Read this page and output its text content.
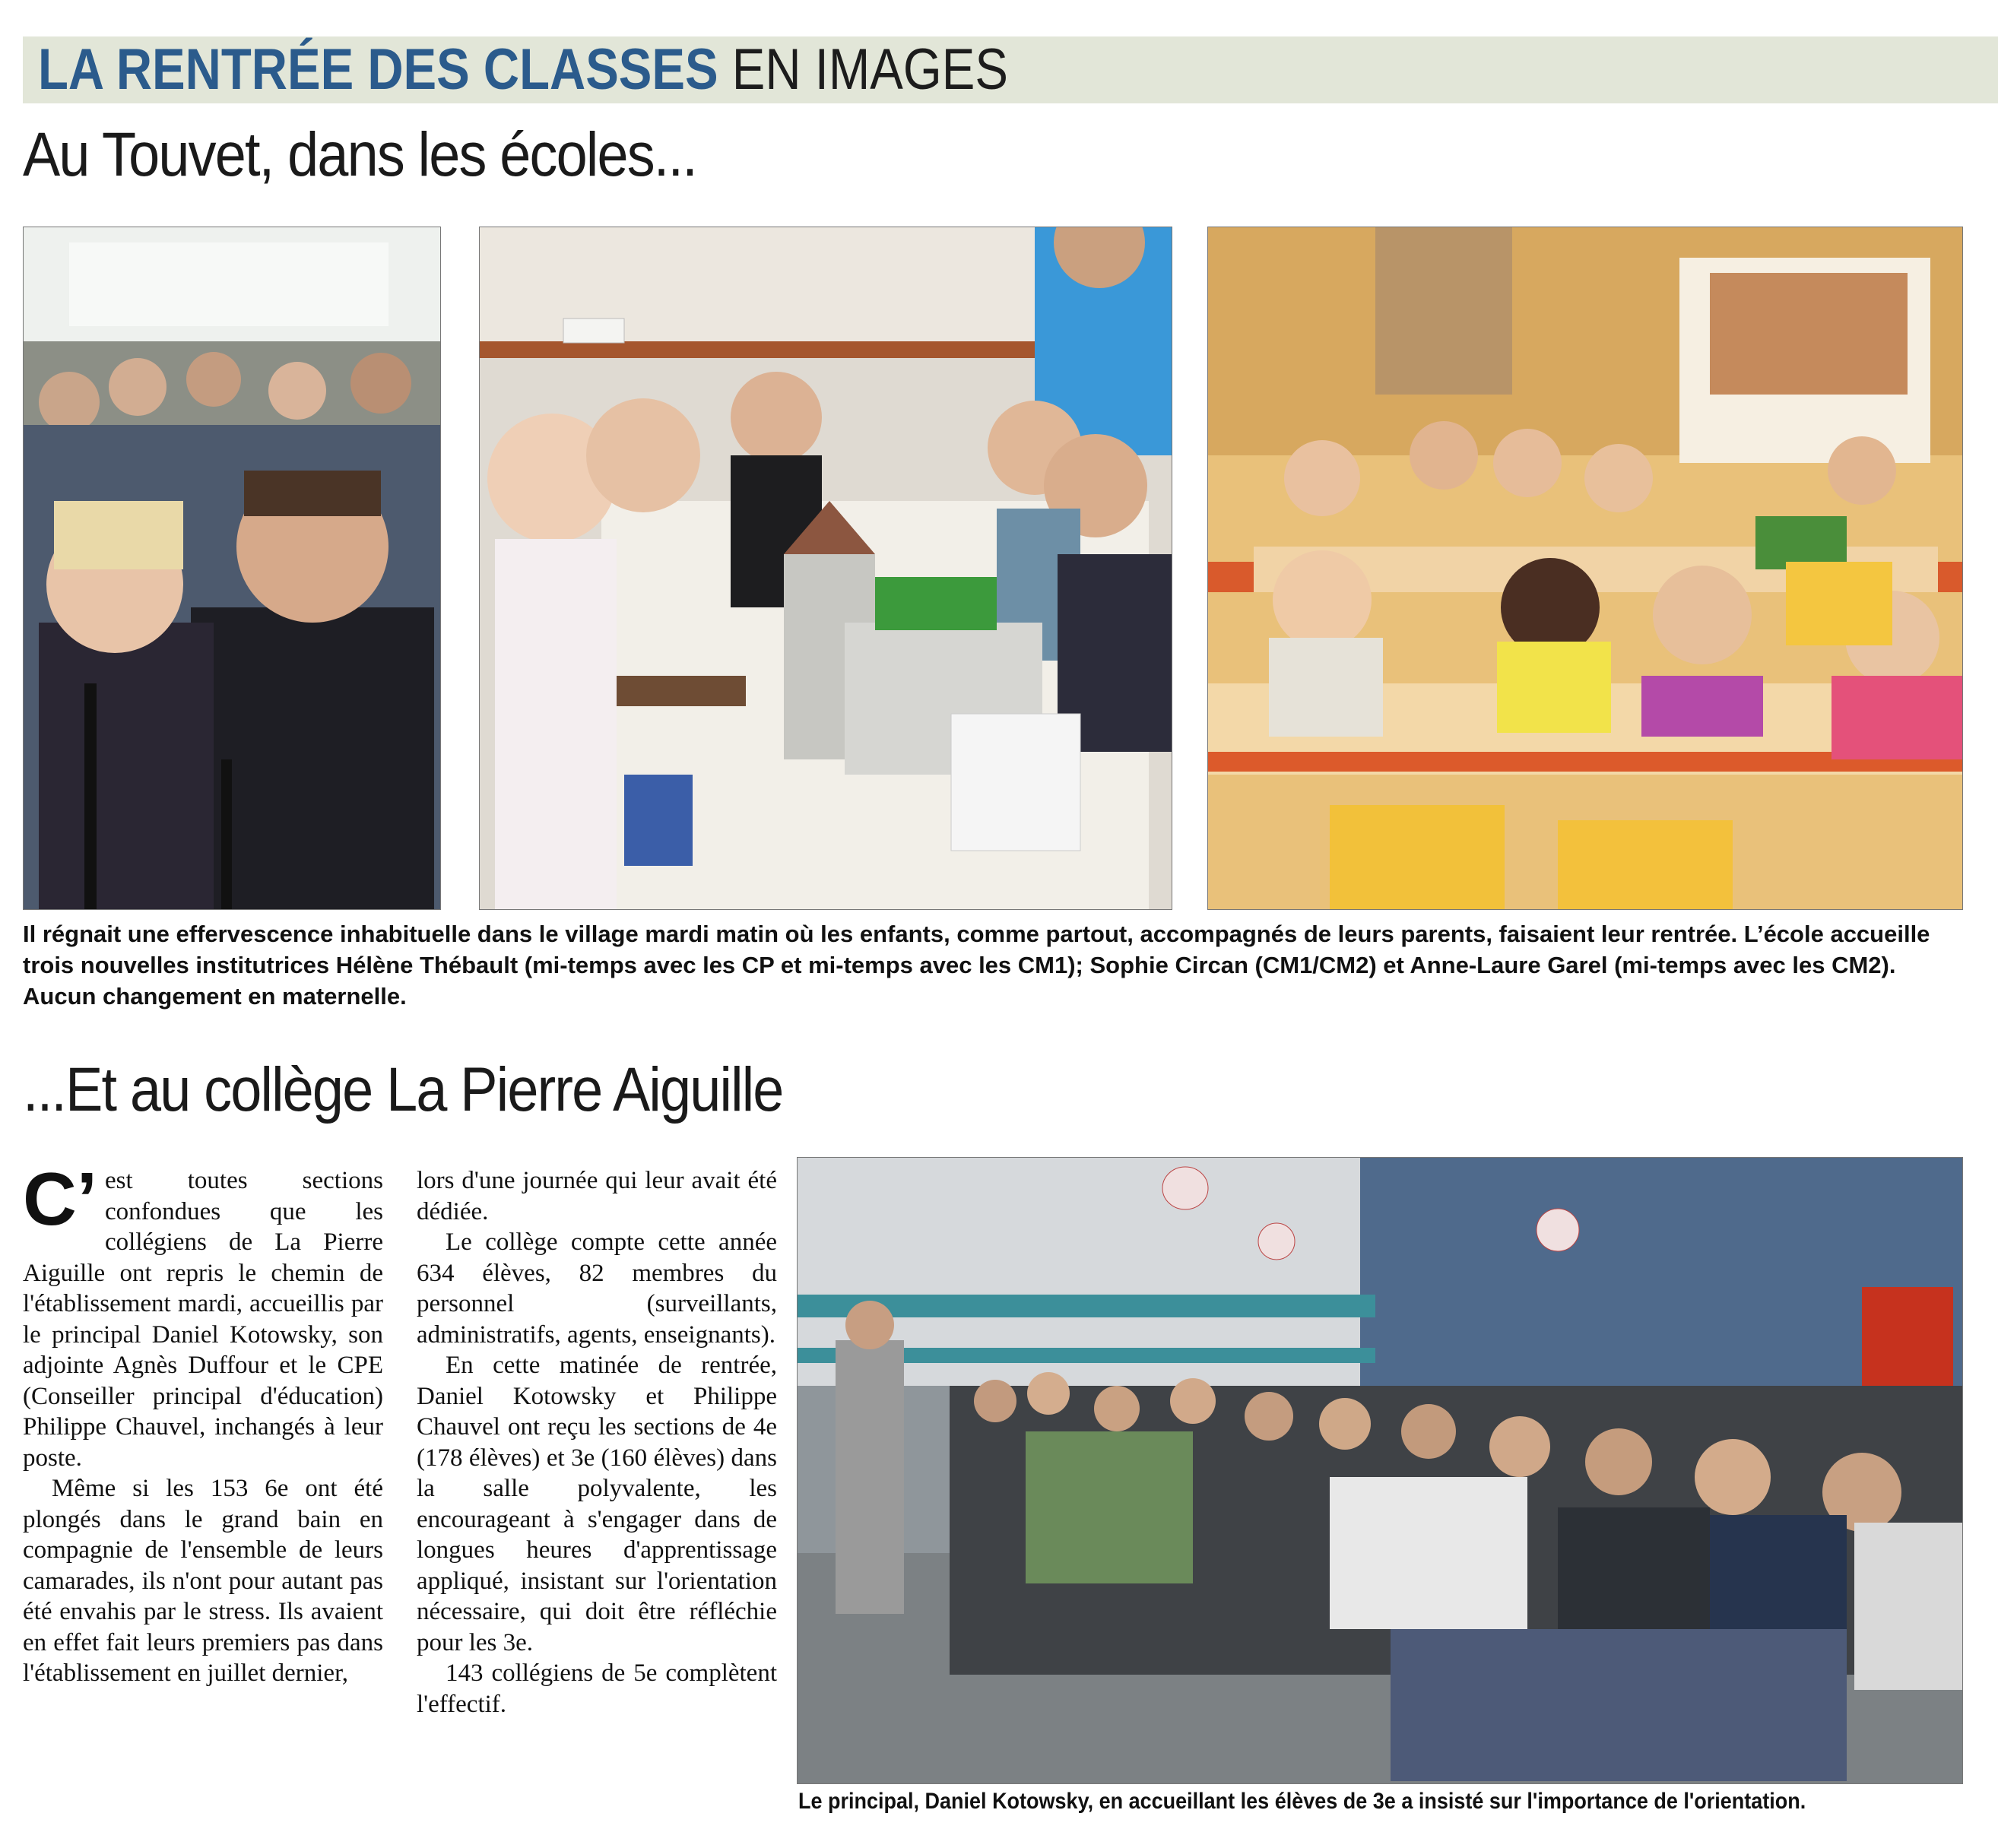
LA RENTRÉE DES CLASSES EN IMAGES
Au Touvet, dans les écoles...
Il régnait une effervescence inhabituelle dans le village mardi matin où les enfants, comme partout, accompagnés de leurs parents, faisaient leur rentrée. L’école accueille trois nouvelles institutrices Hélène Thébault (mi-temps avec les CP et mi-temps avec les CM1); Sophie Circan (CM1/CM2) et Anne-Laure Garel (mi-temps avec les CM2). Aucun changement en maternelle.
...Et au collège La Pierre Aiguille

C’ est toutes sections confondues que les collégiens de La Pierre Aiguille ont repris le chemin de l'établissement mardi, accueillis par le principal Daniel Kotowsky, son adjointe Agnès Duffour et le CPE (Conseiller principal d'éducation) Philippe Chauvel, inchangés à leur poste.

Même si les 153 6e ont été plongés dans le grand bain en compagnie de l'ensemble de leurs camarades, ils n'ont pour autant pas été envahis par le stress. Ils avaient en effet fait leurs premiers pas dans l'établissement en juillet dernier,

lors d'une journée qui leur avait été dédiée.

Le collège compte cette année 634 élèves, 82 membres du personnel (surveillants, administratifs, agents, enseignants).

En cette matinée de rentrée, Daniel Kotowsky et Philippe Chauvel ont reçu les sections de 4e (178 élèves) et 3e (160 élèves) dans la salle polyvalente, les encourageant à s'engager dans de longues heures d'apprentissage appliqué, insistant sur l'orientation nécessaire, qui doit être réfléchie pour les 3e.

143 collégiens de 5e complètent l'effectif.

Le principal, Daniel Kotowsky, en accueillant les élèves de 3e a insisté sur l'importance de l'orientation.
